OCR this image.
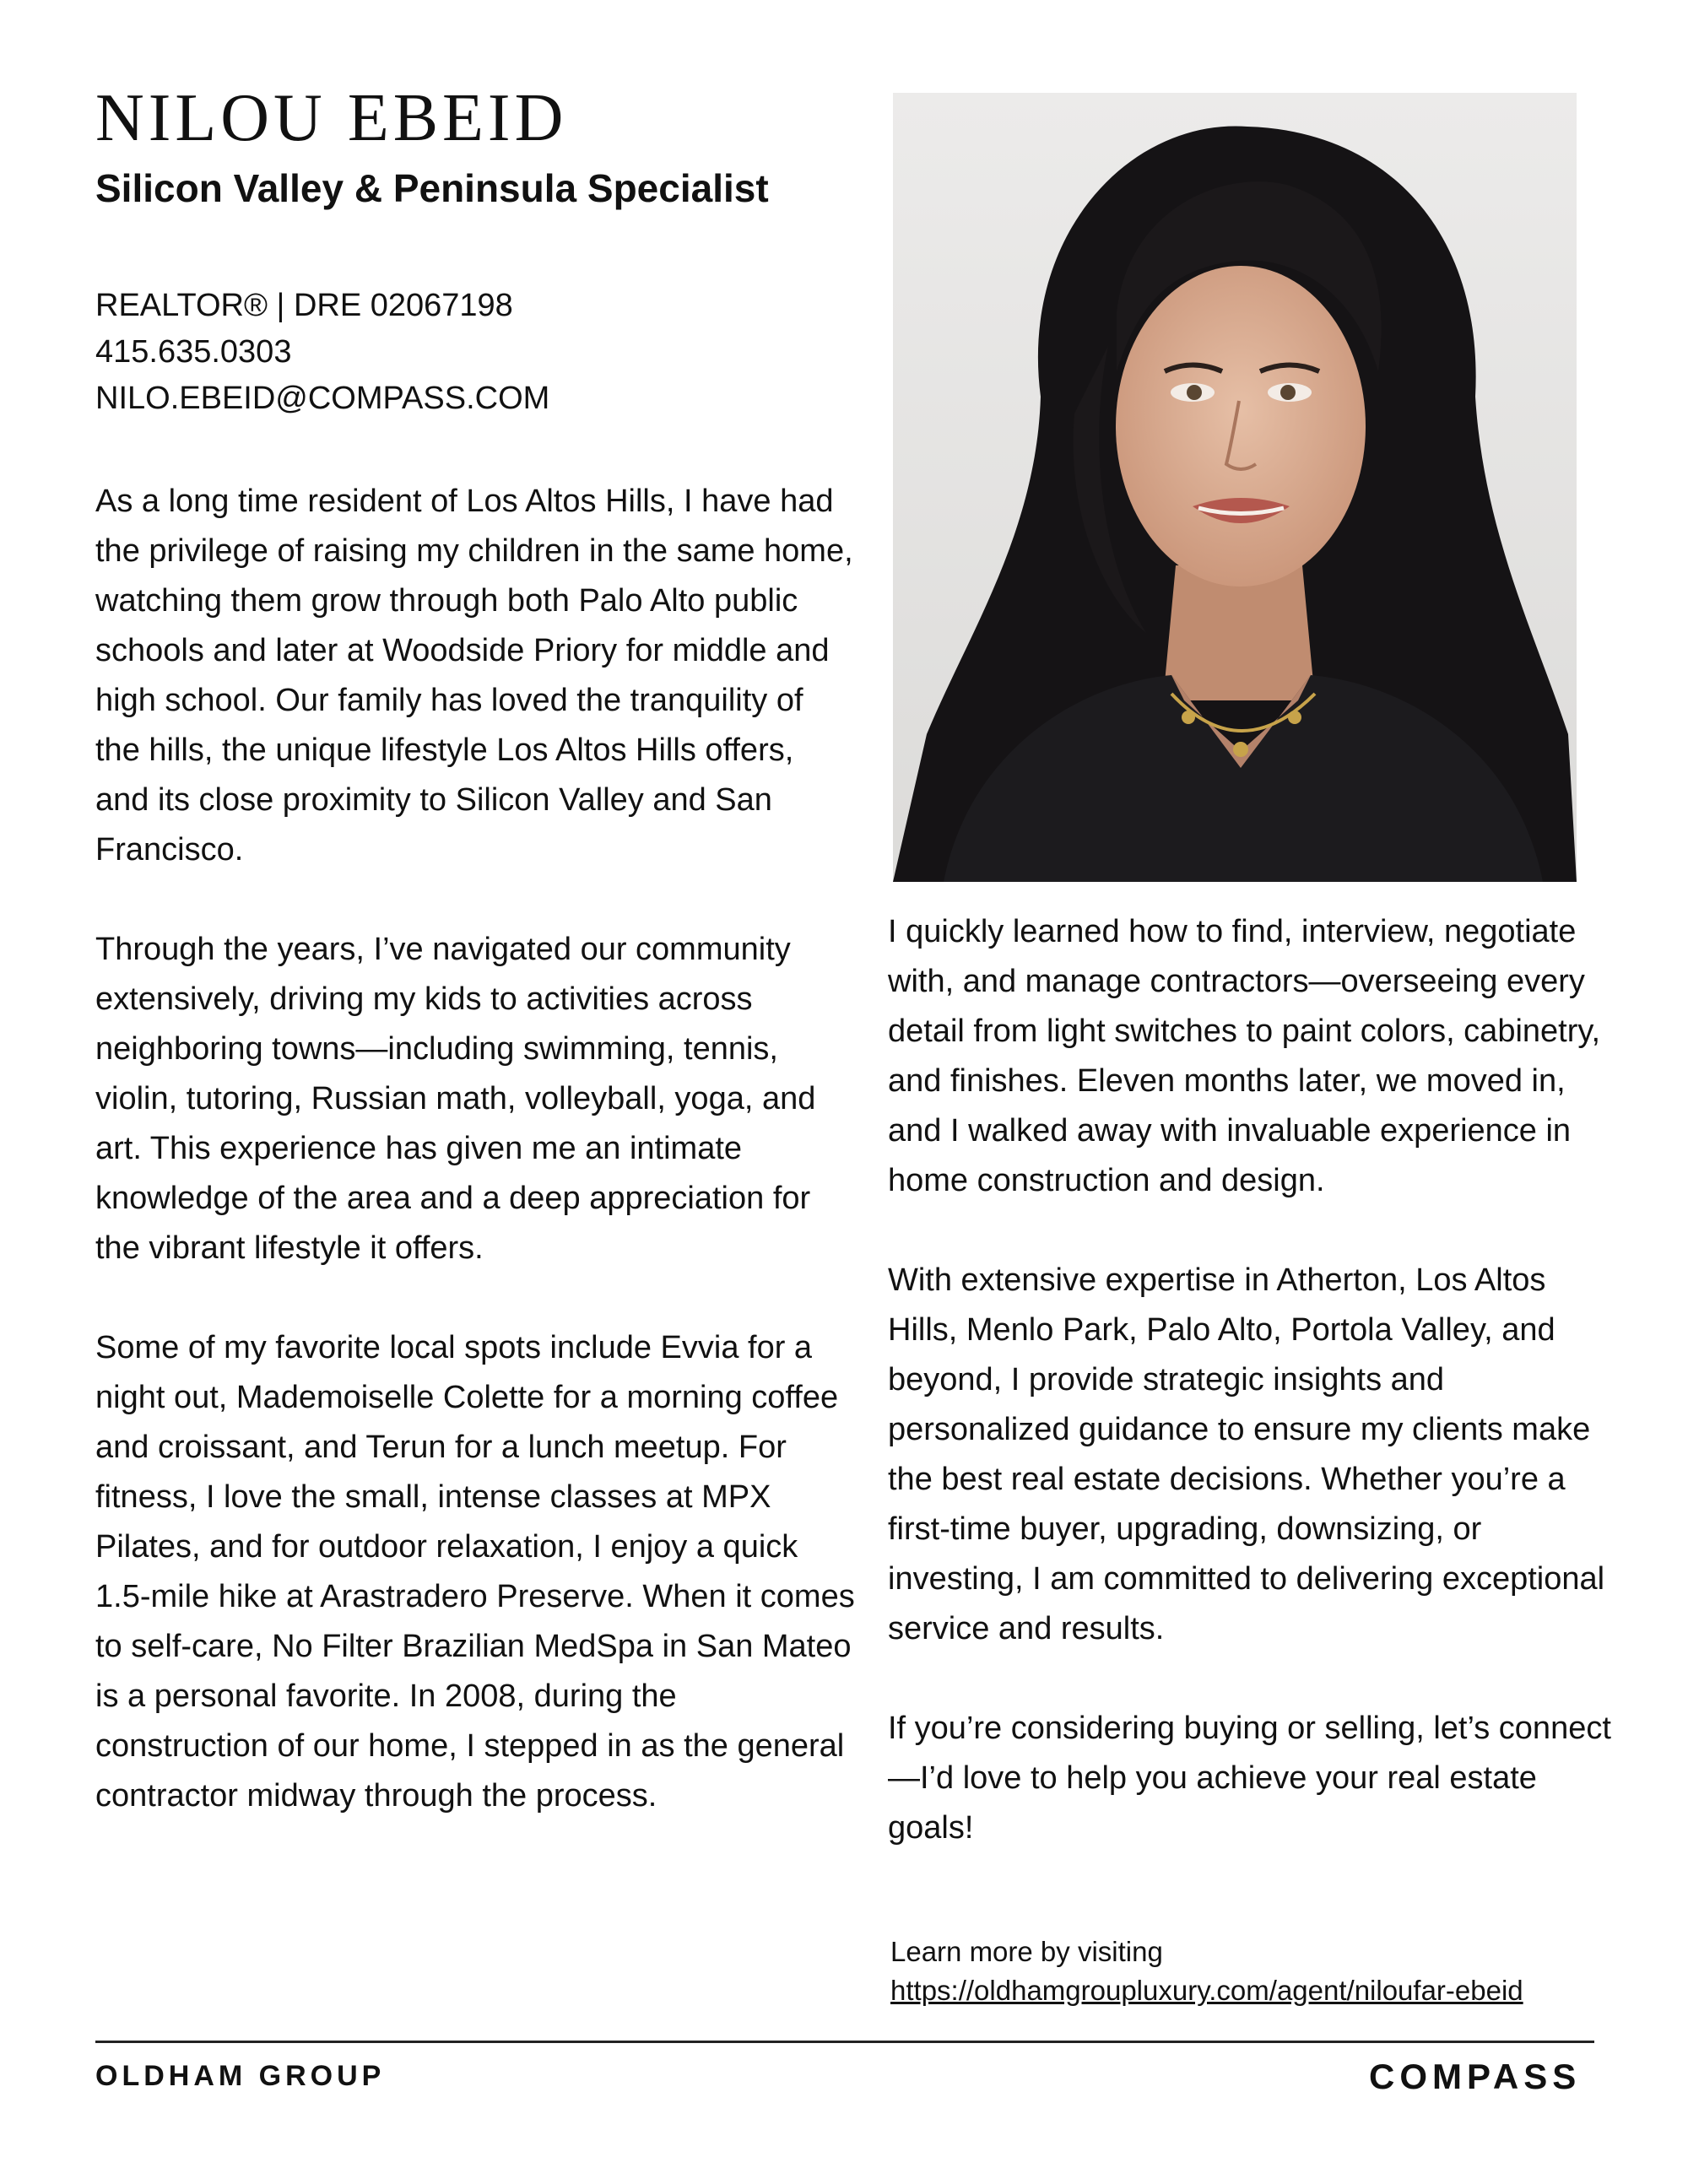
NILOU EBEID
Silicon Valley & Peninsula Specialist
REALTOR® | DRE 02067198
415.635.0303
NILO.EBEID@COMPASS.COM

As a long time resident of Los Altos Hills, I have had the privilege of raising my children in the same home, watching them grow through both Palo Alto public schools and later at Woodside Priory for middle and high school. Our family has loved the tranquility of the hills, the unique lifestyle Los Altos Hills offers, and its close proximity to Silicon Valley and San Francisco.

Through the years, I’ve navigated our community extensively, driving my kids to activities across neighboring towns—including swimming, tennis, violin, tutoring, Russian math, volleyball, yoga, and art. This experience has given me an intimate knowledge of the area and a deep appreciation for the vibrant lifestyle it offers.

Some of my favorite local spots include Evvia for a night out, Mademoiselle Colette for a morning coffee and croissant, and Terun for a lunch meetup. For fitness, I love the small, intense classes at MPX Pilates, and for outdoor relaxation, I enjoy a quick 1.5-mile hike at Arastradero Preserve. When it comes to self-care, No Filter Brazilian MedSpa in San Mateo is a personal favorite. In 2008, during the construction of our home, I stepped in as the general contractor midway through the process.

I quickly learned how to find, interview, negotiate with, and manage contractors—overseeing every detail from light switches to paint colors, cabinetry, and finishes. Eleven months later, we moved in, and I walked away with invaluable experience in home construction and design.

With extensive expertise in Atherton, Los Altos Hills, Menlo Park, Palo Alto, Portola Valley, and beyond, I provide strategic insights and personalized guidance to ensure my clients make the best real estate decisions. Whether you’re a first-time buyer, upgrading, downsizing, or investing, I am committed to delivering exceptional service and results.

If you’re considering buying or selling, let’s connect—I’d love to help you achieve your real estate goals!

Learn more by visiting
https://oldhamgroupluxury.com/agent/niloufar-ebeid
OLDHAM GROUP	COMPASS
